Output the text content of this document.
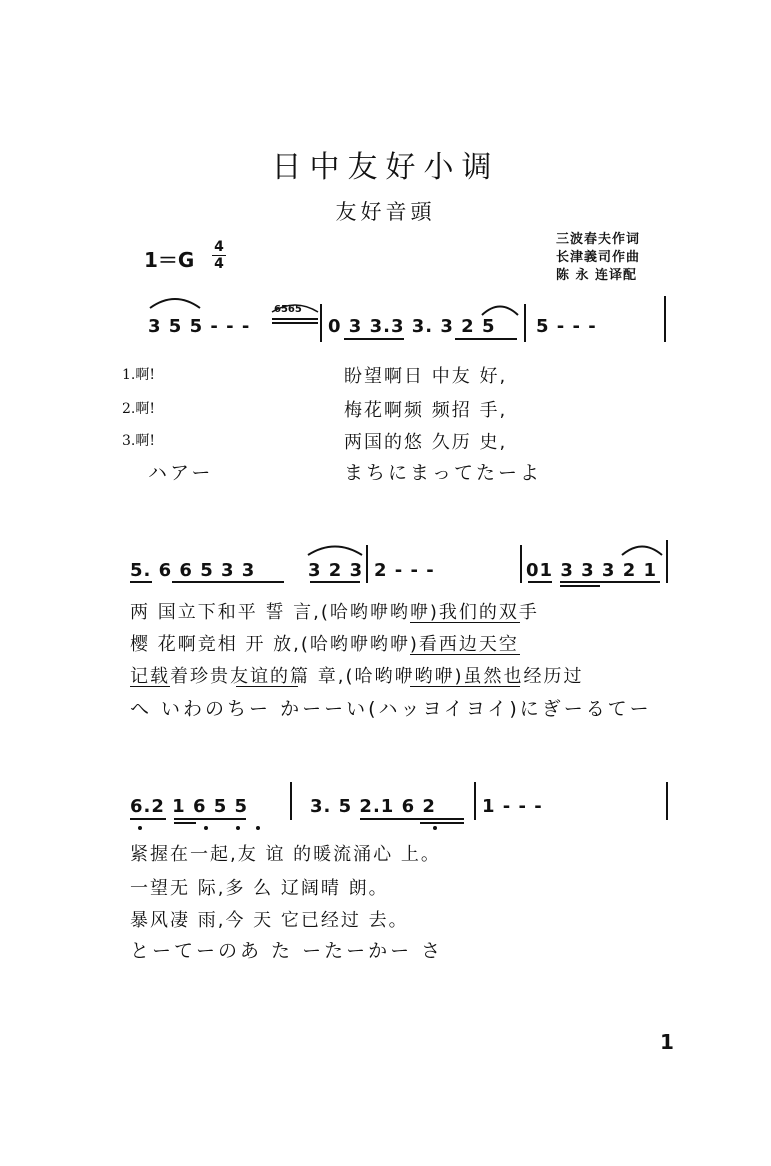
日中友好小调
友好音頭
三波春夫作词
长津義司作曲
陈 永 连译配
1＝G
4
4
3 5 5 - - -
6565
0 3 3.3 3. 3 2 5 5 - - -
1.啊!
2.啊!
3.啊!
ハアー
盼望啊日 中友 好,
梅花啊频 频招 手,
两国的悠 久历 史,
まちにまってたーよ
5. 6 6 5 3 3	3 2 3 2 - - -	01 3 3 3 2 1
两 国立下和平 誓 言,(哈哟咿哟咿)我们的双手
樱 花啊竞相 开 放,(哈哟咿哟咿)看西边天空
记载着珍贵友谊的篇 章,(哈哟咿哟咿)虽然也经历过
へ いわのちー かーーい(ハッヨイヨイ)にぎーるてー
6.2 1 6 5 5	3. 5 2.1 6 2	1 - - -
紧握在一起,友 谊 的暖流涌心 上。
一望无 际,多 么 辽阔晴 朗。
暴风凄 雨,今 天 它已经过 去。
とーてーのあ た ーたーかー さ
1
